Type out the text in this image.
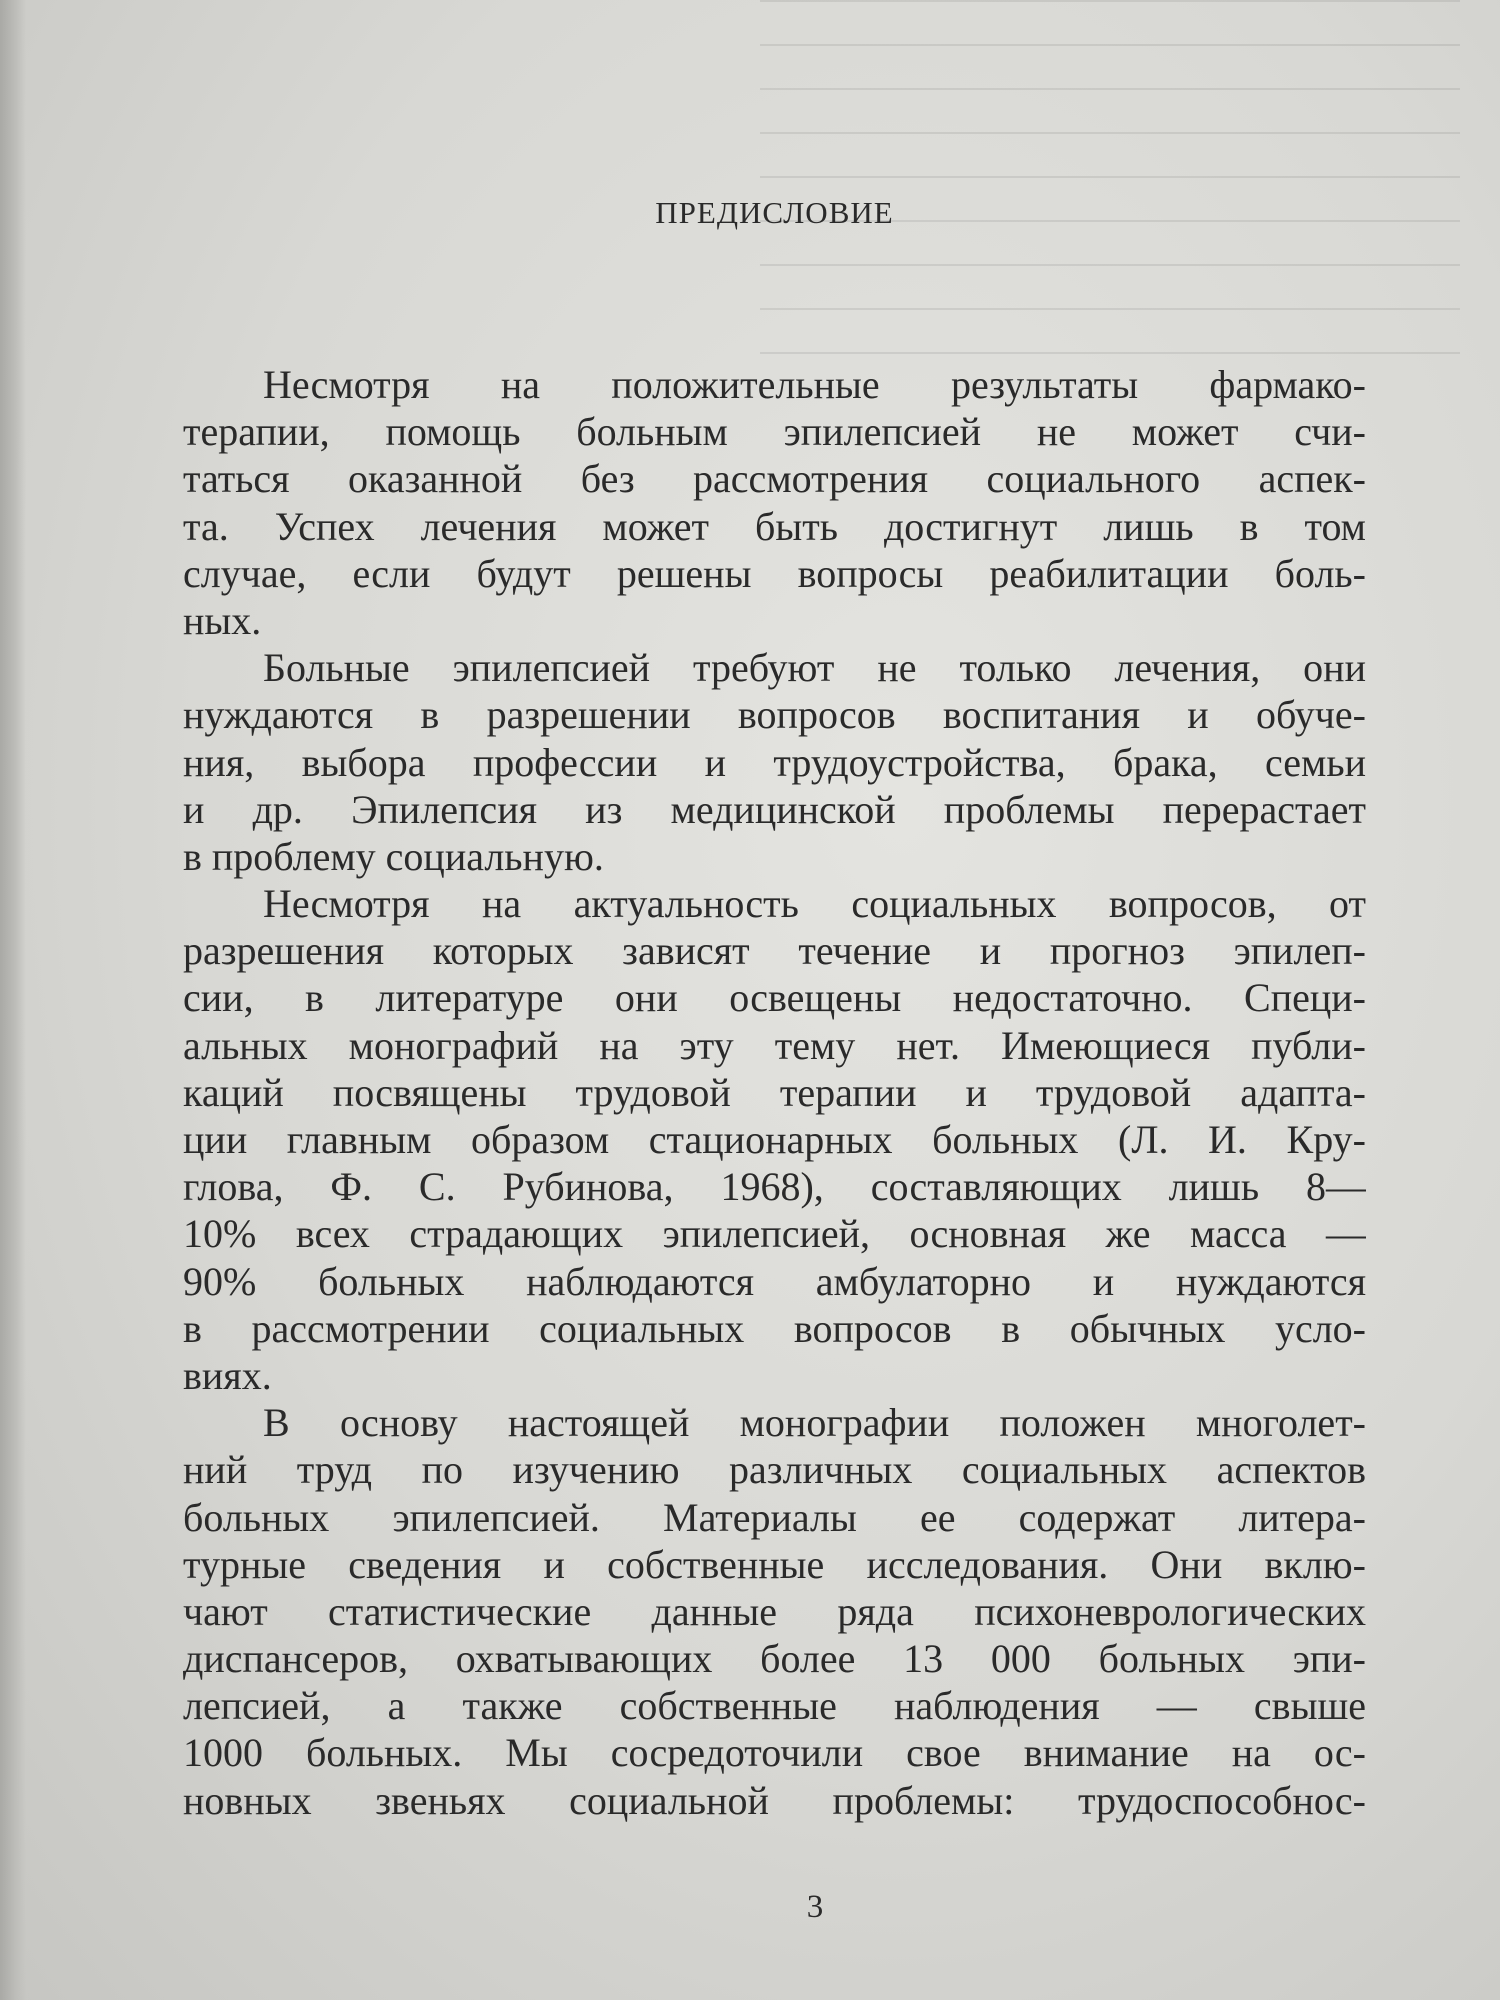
ПРЕДИСЛОВИЕ

Несмотря на положительные результаты фармако-
терапии, помощь больным эпилепсией не может счи-
таться оказанной без рассмотрения социального аспек-
та. Успех лечения может быть достигнут лишь в том
случае, если будут решены вопросы реабилитации боль-
ных.

Больные эпилепсией требуют не только лечения, они
нуждаются в разрешении вопросов воспитания и обуче-
ния, выбора профессии и трудоустройства, брака, семьи
и др. Эпилепсия из медицинской проблемы перерастает
в проблему социальную.

Несмотря на актуальность социальных вопросов, от
разрешения которых зависят течение и прогноз эпилеп-
сии, в литературе они освещены недостаточно. Специ-
альных монографий на эту тему нет. Имеющиеся публи-
каций посвящены трудовой терапии и трудовой адапта-
ции главным образом стационарных больных (Л. И. Кру-
глова, Ф. С. Рубинова, 1968), составляющих лишь 8—
10% всех страдающих эпилепсией, основная же масса —
90% больных наблюдаются амбулаторно и нуждаются
в рассмотрении социальных вопросов в обычных усло-
виях.

В основу настоящей монографии положен многолет-
ний труд по изучению различных социальных аспектов
больных эпилепсией. Материалы ее содержат литера-
турные сведения и собственные исследования. Они вклю-
чают статистические данные ряда психоневрологических
диспансеров, охватывающих более 13 000 больных эпи-
лепсией, а также собственные наблюдения — свыше
1000 больных. Мы сосредоточили свое внимание на ос-
новных звеньях социальной проблемы: трудоспособнос-

3
